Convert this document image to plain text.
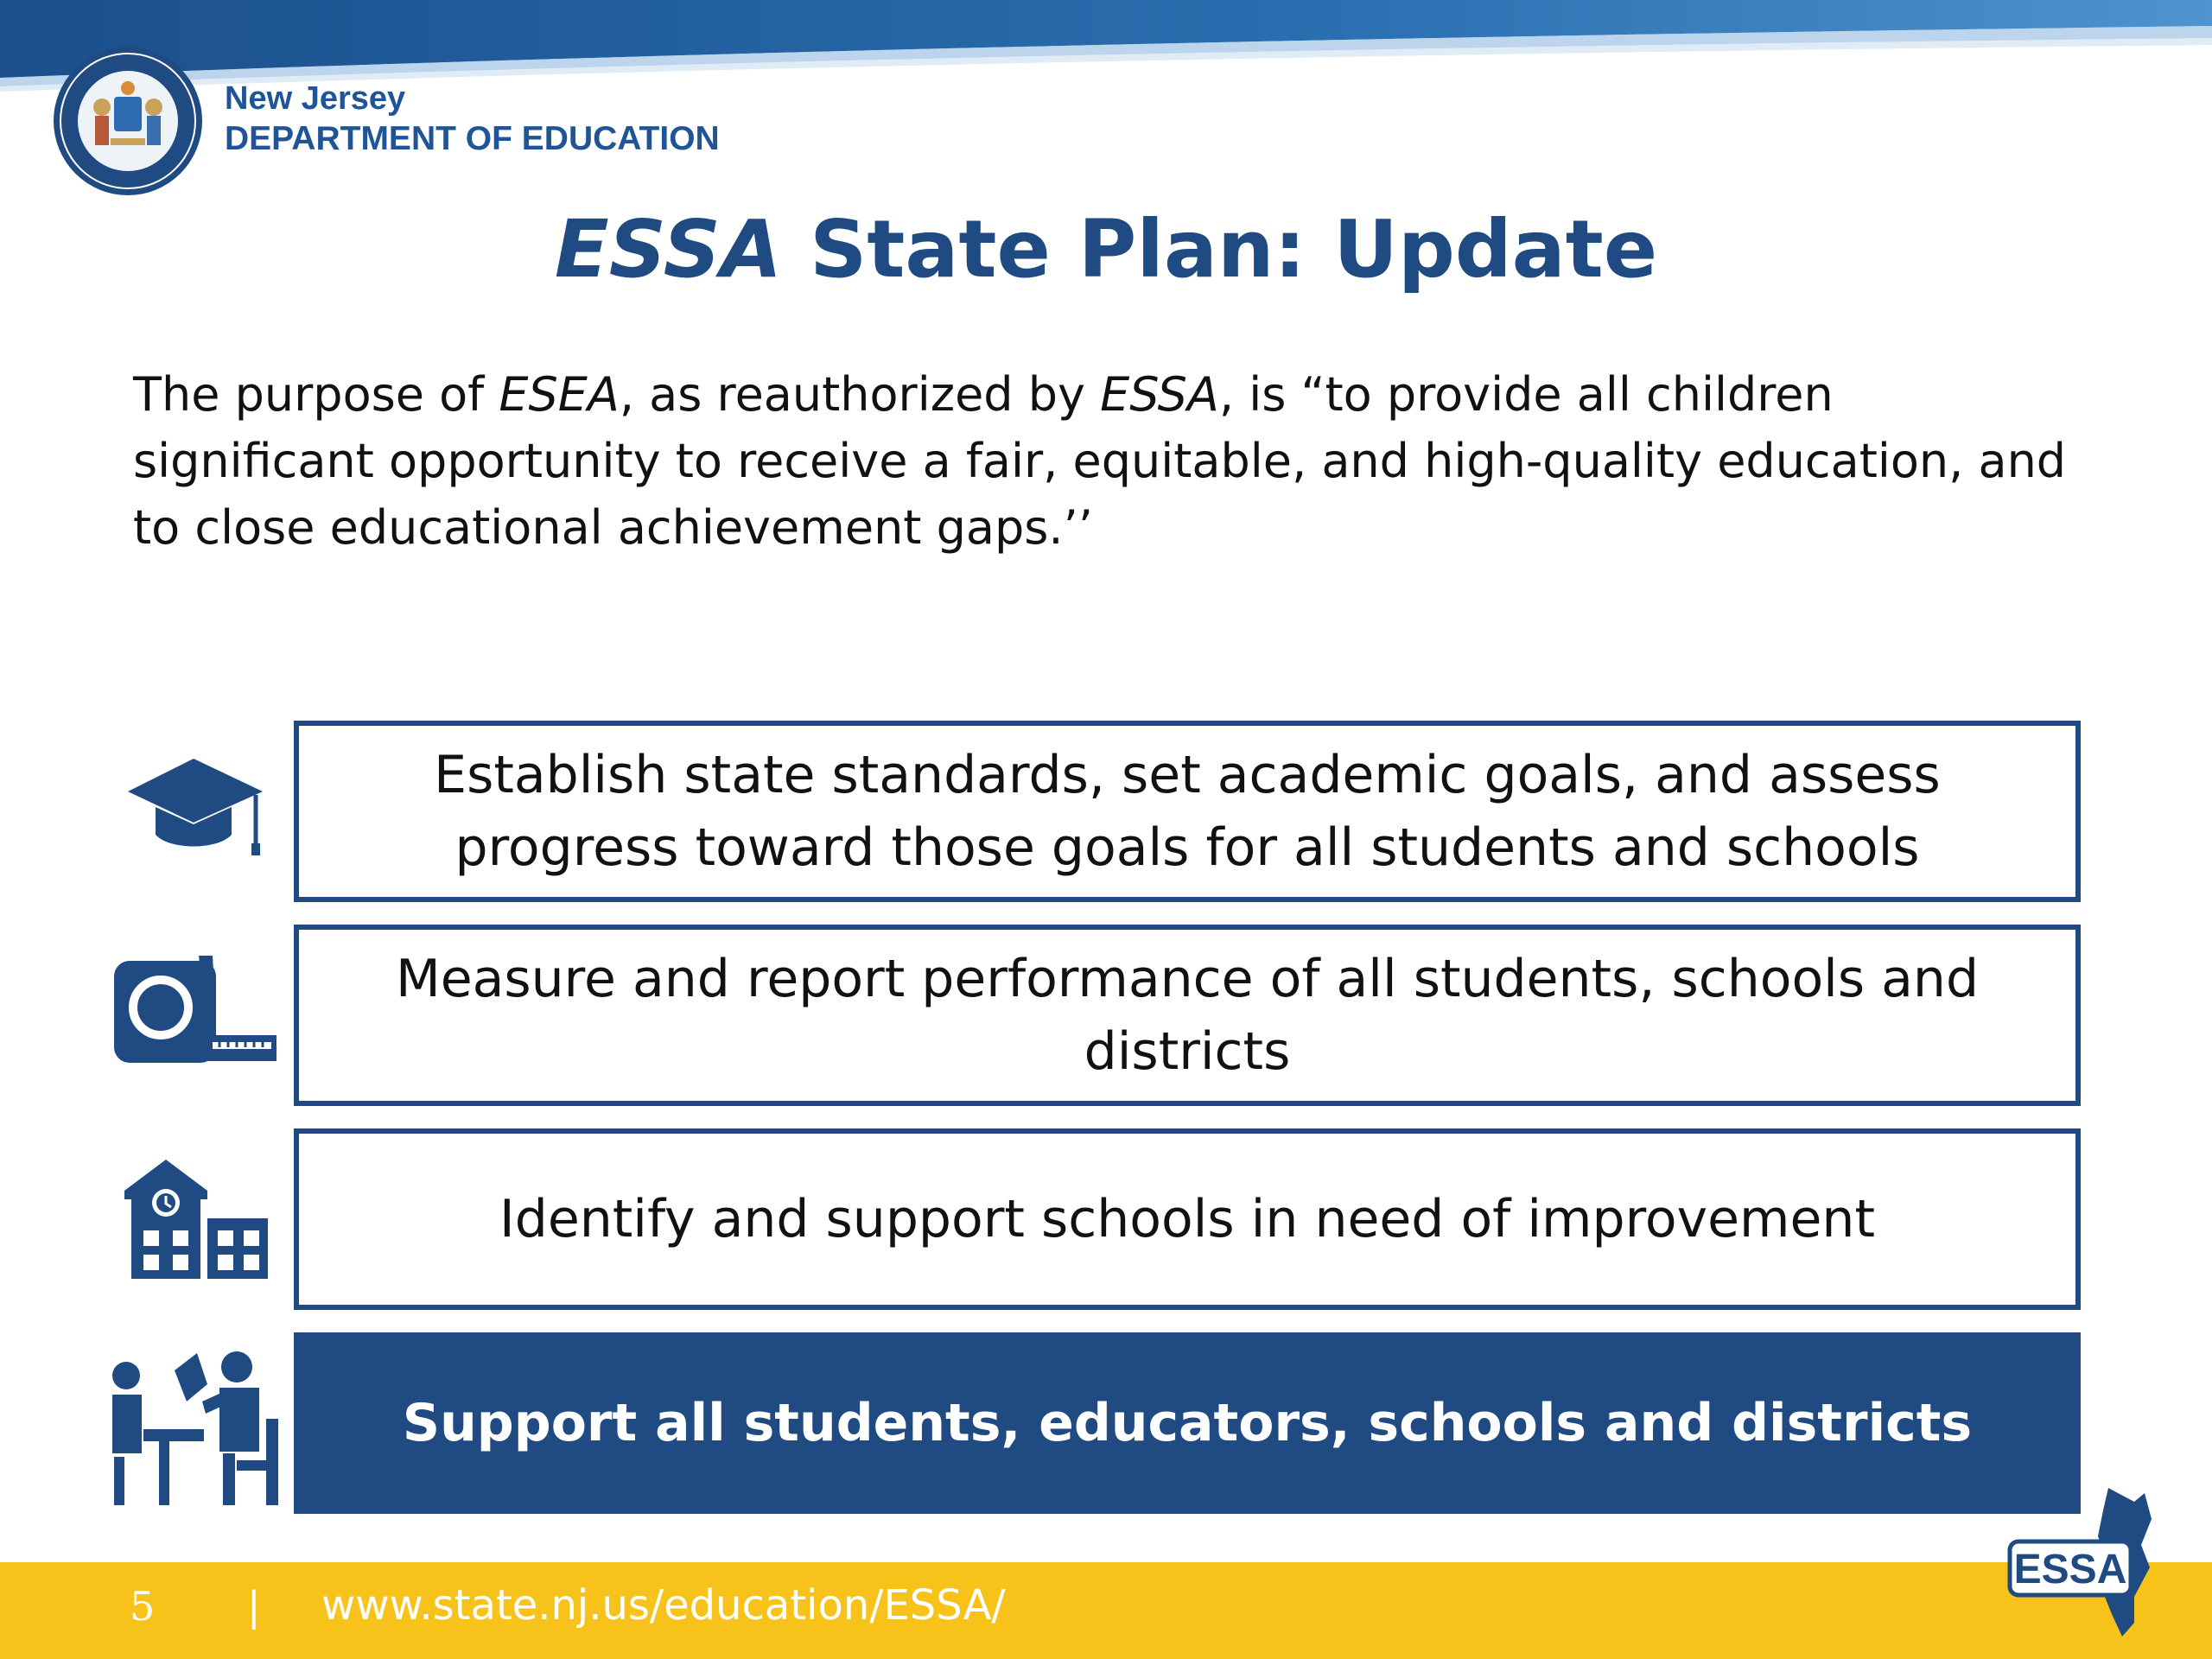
New Jersey
DEPARTMENT OF EDUCATION
ESSA State Plan: Update
The purpose of ESEA, as reauthorized by ESSA, is “to provide all children significant opportunity to receive a fair, equitable, and high-quality education, and to close educational achievement gaps.’’
Establish state standards, set academic goals, and assess progress toward those goals for all students and schools
Measure and report performance of all students, schools and districts
Identify and support schools in need of improvement
Support all students, educators, schools and districts
5 | www.state.nj.us/education/ESSA/
ESSA
